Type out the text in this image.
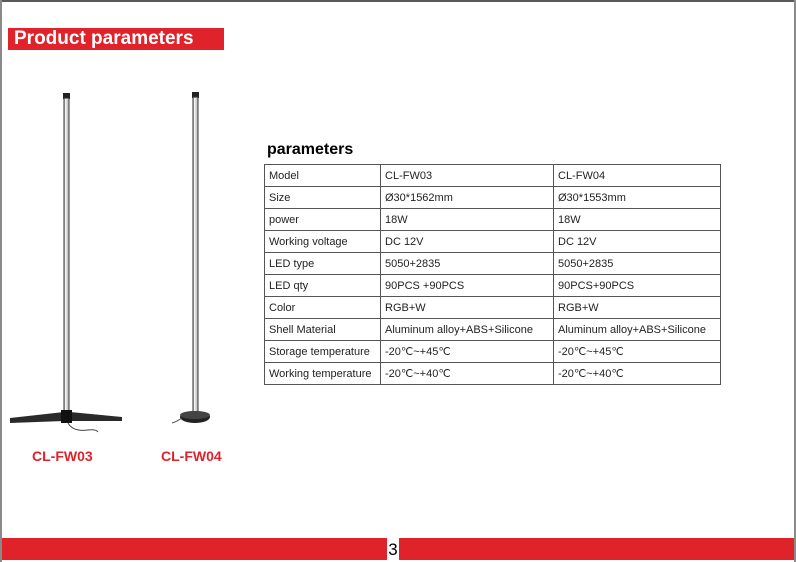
Product parameters
CL-FW03	CL-FW04
parameters
Model	CL-FW03	CL-FW04
Size	Ø30*1562mm	Ø30*1553mm
power	18W	18W
Working voltage	DC 12V	DC 12V
LED type	5050+2835	5050+2835
LED qty	90PCS +90PCS	90PCS+90PCS
Color	RGB+W	RGB+W
Shell Material	Aluminum alloy+ABS+Silicone	Aluminum alloy+ABS+Silicone
Storage temperature	-20℃~+45℃	-20℃~+45℃
Working temperature	-20℃~+40℃	-20℃~+40℃
3
